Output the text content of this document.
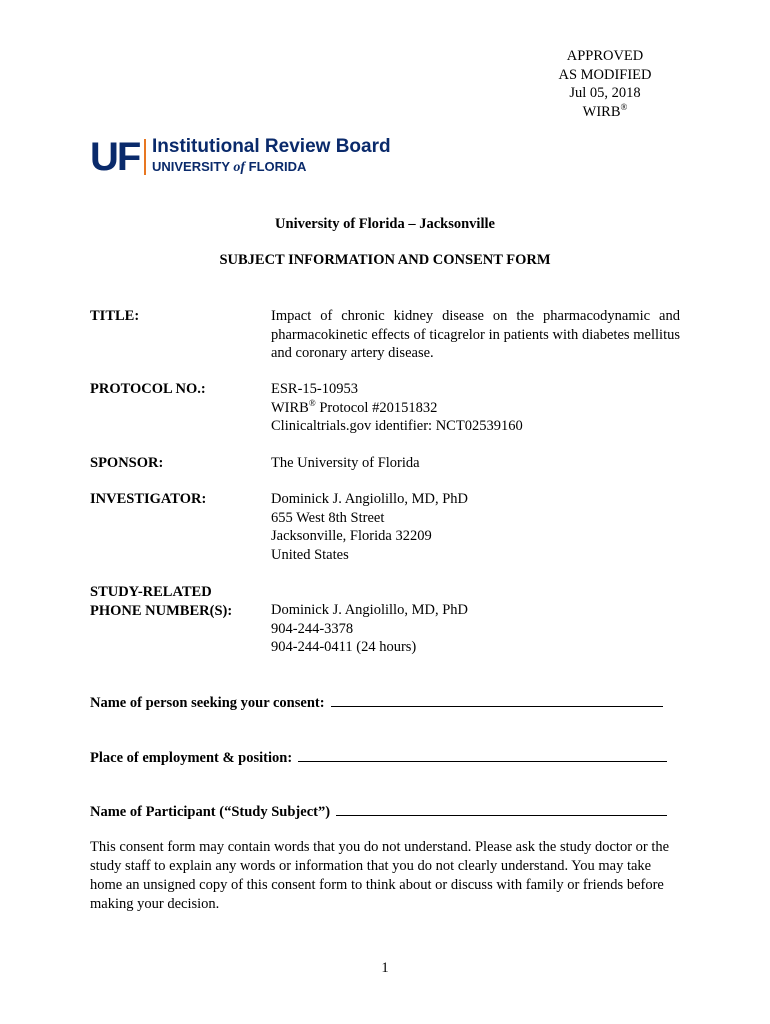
APPROVED
AS MODIFIED
Jul 05, 2018
WIRB®
UF Institutional Review Board
UNIVERSITY of FLORIDA
University of Florida – Jacksonville
SUBJECT INFORMATION AND CONSENT FORM
TITLE:	Impact of chronic kidney disease on the pharmacodynamic and pharmacokinetic effects of ticagrelor in patients with diabetes mellitus and coronary artery disease.
PROTOCOL NO.:	ESR-15-10953
WIRB® Protocol #20151832
Clinicaltrials.gov identifier: NCT02539160
SPONSOR:	The University of Florida
INVESTIGATOR:	Dominick J. Angiolillo, MD, PhD
655 West 8th Street
Jacksonville, Florida 32209
United States
STUDY-RELATED
PHONE NUMBER(S):	Dominick J. Angiolillo, MD, PhD
904-244-3378
904-244-0411 (24 hours)
Name of person seeking your consent:
Place of employment & position:
Name of Participant (“Study Subject”)
This consent form may contain words that you do not understand. Please ask the study doctor or the study staff to explain any words or information that you do not clearly understand. You may take home an unsigned copy of this consent form to think about or discuss with family or friends before making your decision.
1
